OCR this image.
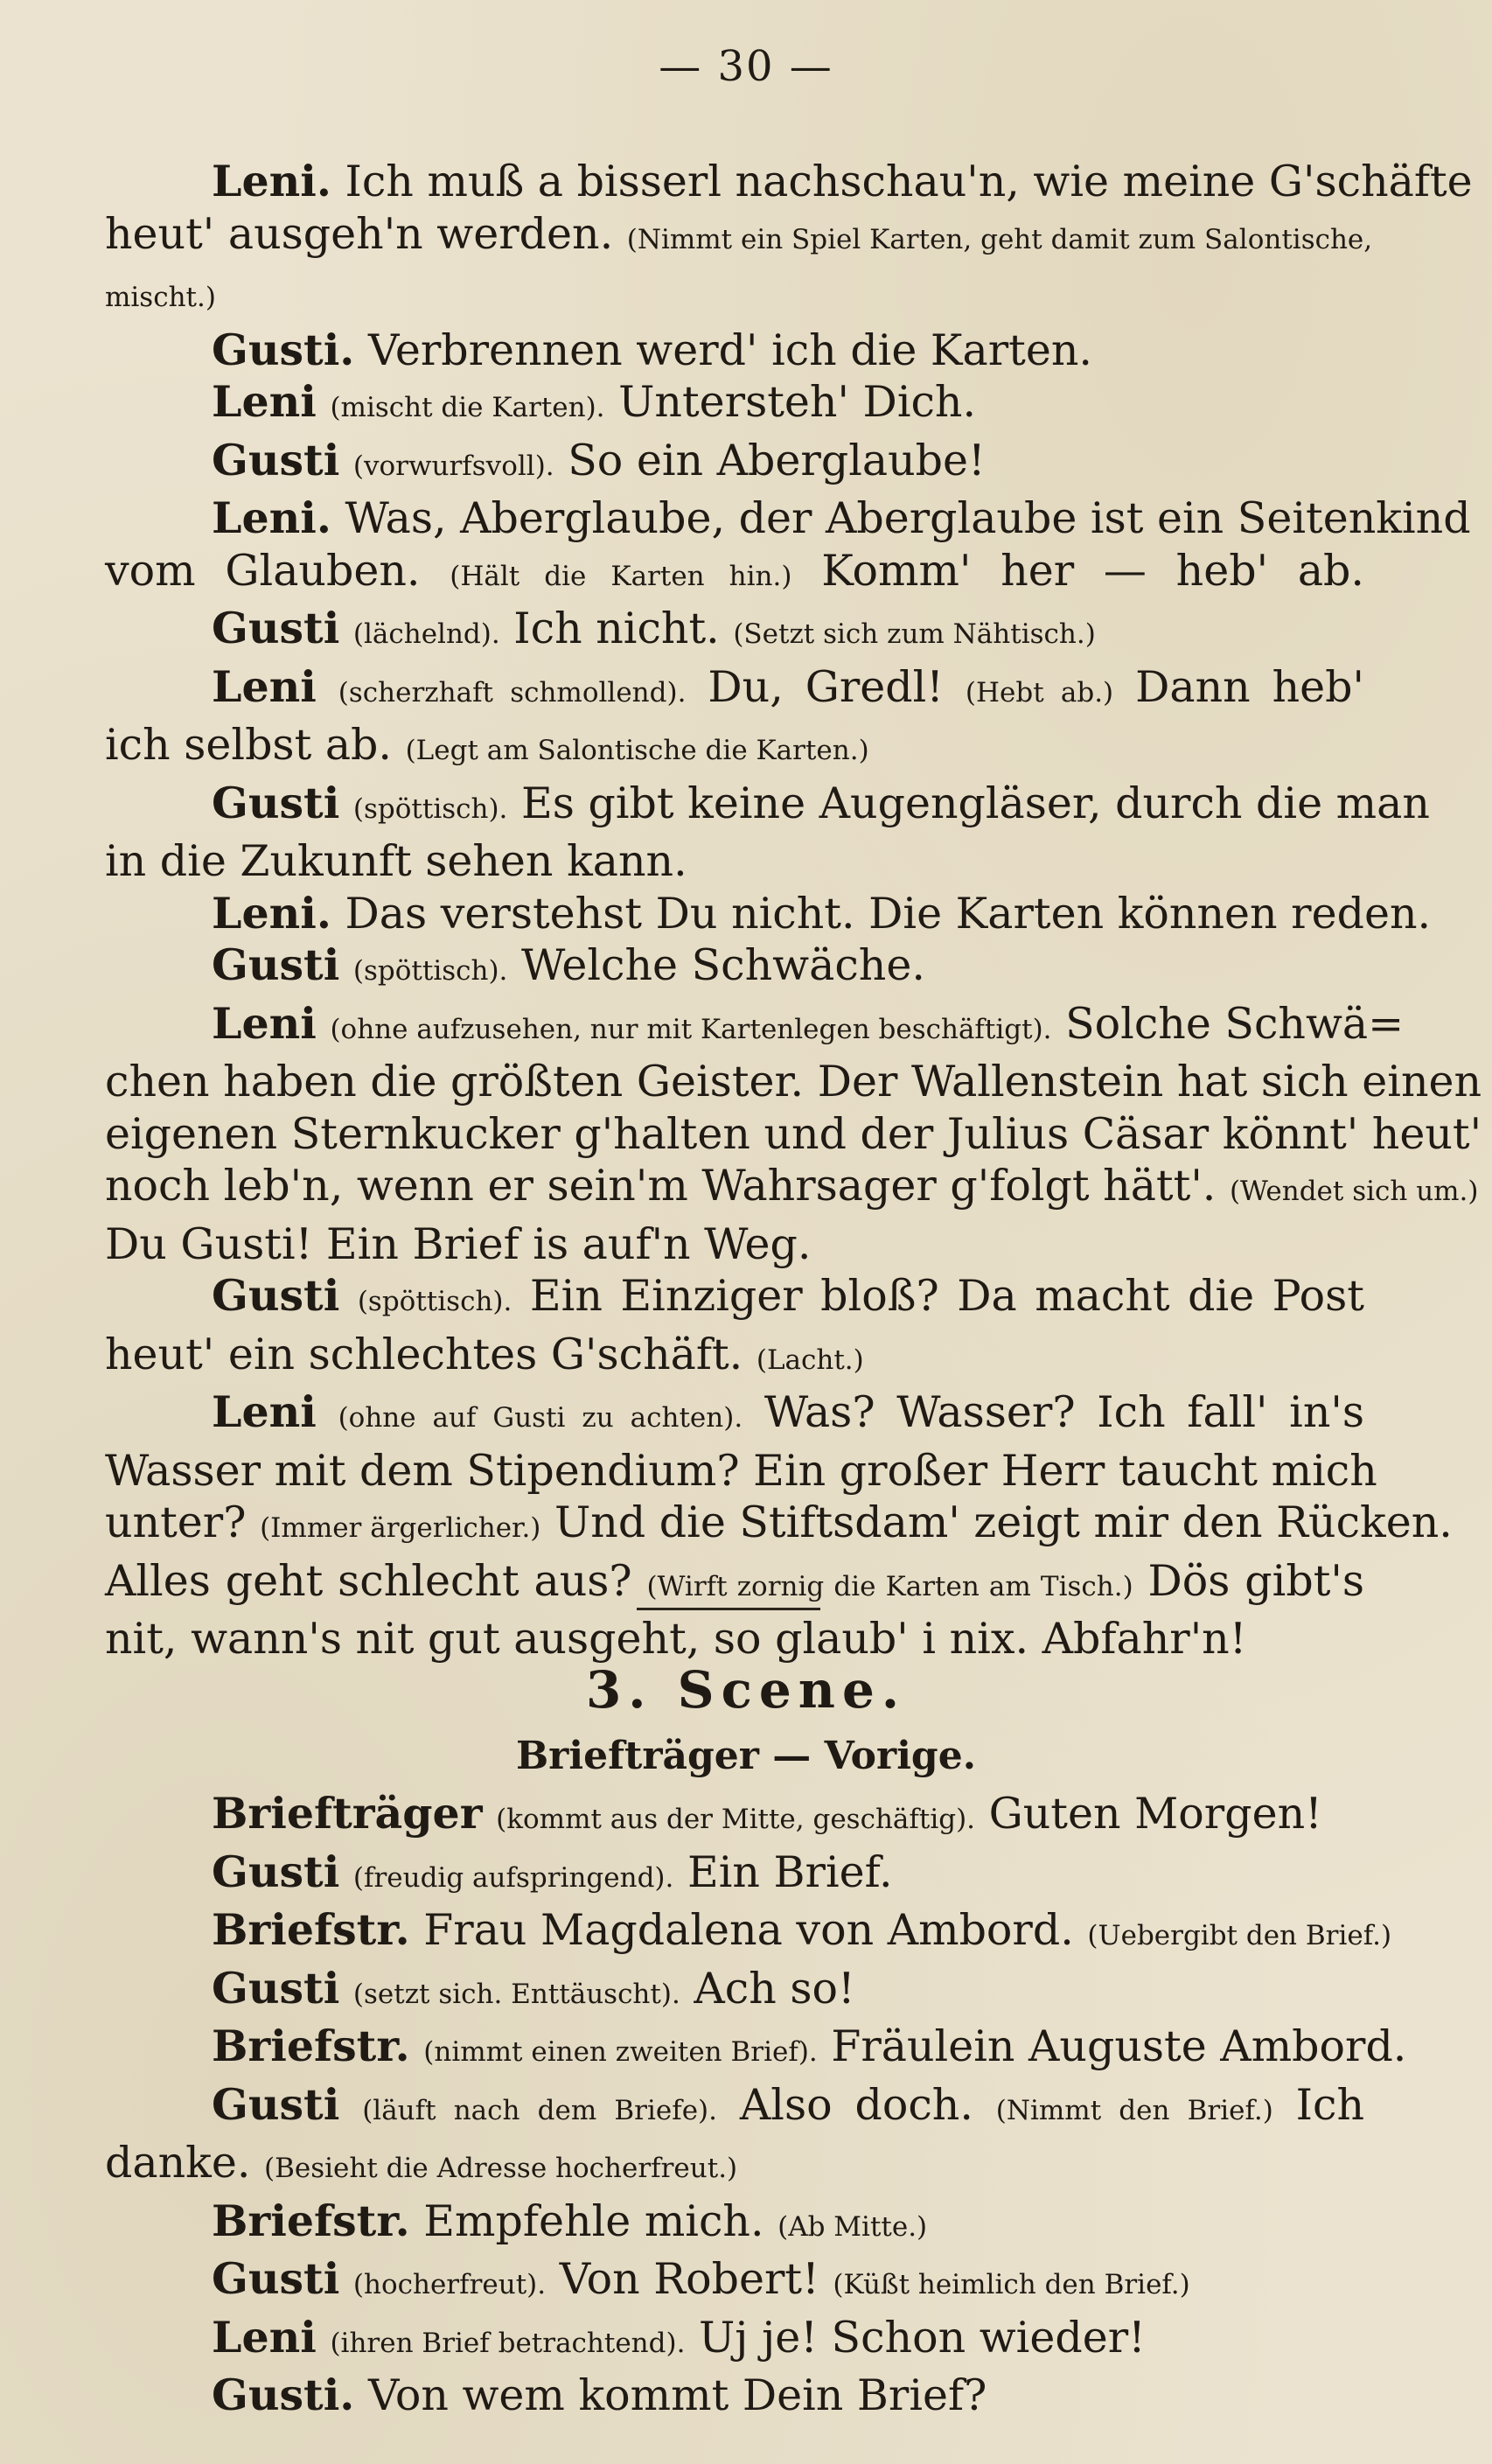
— 30 —
Leni. Ich muß a bisserl nachschau'n, wie meine G'schäfte
heut' ausgeh'n werden. (Nimmt ein Spiel Karten, geht damit zum Salontische,
mischt.)
Gusti. Verbrennen werd' ich die Karten.
Leni (mischt die Karten). Untersteh' Dich.
Gusti (vorwurfsvoll). So ein Aberglaube!
Leni. Was, Aberglaube, der Aberglaube ist ein Seitenkind
vom Glauben. (Hält die Karten hin.) Komm' her — heb' ab.
Gusti (lächelnd). Ich nicht. (Setzt sich zum Nähtisch.)
Leni (scherzhaft schmollend). Du, Gredl! (Hebt ab.) Dann heb'
ich selbst ab. (Legt am Salontische die Karten.)
Gusti (spöttisch). Es gibt keine Augengläser, durch die man
in die Zukunft sehen kann.
Leni. Das verstehst Du nicht. Die Karten können reden.
Gusti (spöttisch). Welche Schwäche.
Leni (ohne aufzusehen, nur mit Kartenlegen beschäftigt). Solche Schwä=
chen haben die größten Geister. Der Wallenstein hat sich einen
eigenen Sternkucker g'halten und der Julius Cäsar könnt' heut'
noch leb'n, wenn er sein'm Wahrsager g'folgt hätt'. (Wendet sich um.)
Du Gusti! Ein Brief is auf'n Weg.
Gusti (spöttisch). Ein Einziger bloß? Da macht die Post
heut' ein schlechtes G'schäft. (Lacht.)
Leni (ohne auf Gusti zu achten). Was? Wasser? Ich fall' in's
Wasser mit dem Stipendium? Ein großer Herr taucht mich
unter? (Immer ärgerlicher.) Und die Stiftsdam' zeigt mir den Rücken.
Alles geht schlecht aus? (Wirft zornig die Karten am Tisch.) Dös gibt's
nit, wann's nit gut ausgeht, so glaub' i nix. Abfahr'n!
3. Scene.
Briefträger — Vorige.
Briefträger (kommt aus der Mitte, geschäftig). Guten Morgen!
Gusti (freudig aufspringend). Ein Brief.
Briefstr. Frau Magdalena von Ambord. (Uebergibt den Brief.)
Gusti (setzt sich. Enttäuscht). Ach so!
Briefstr. (nimmt einen zweiten Brief). Fräulein Auguste Ambord.
Gusti (läuft nach dem Briefe). Also doch. (Nimmt den Brief.) Ich
danke. (Besieht die Adresse hocherfreut.)
Briefstr. Empfehle mich. (Ab Mitte.)
Gusti (hocherfreut). Von Robert! (Küßt heimlich den Brief.)
Leni (ihren Brief betrachtend). Uj je! Schon wieder!
Gusti. Von wem kommt Dein Brief?
